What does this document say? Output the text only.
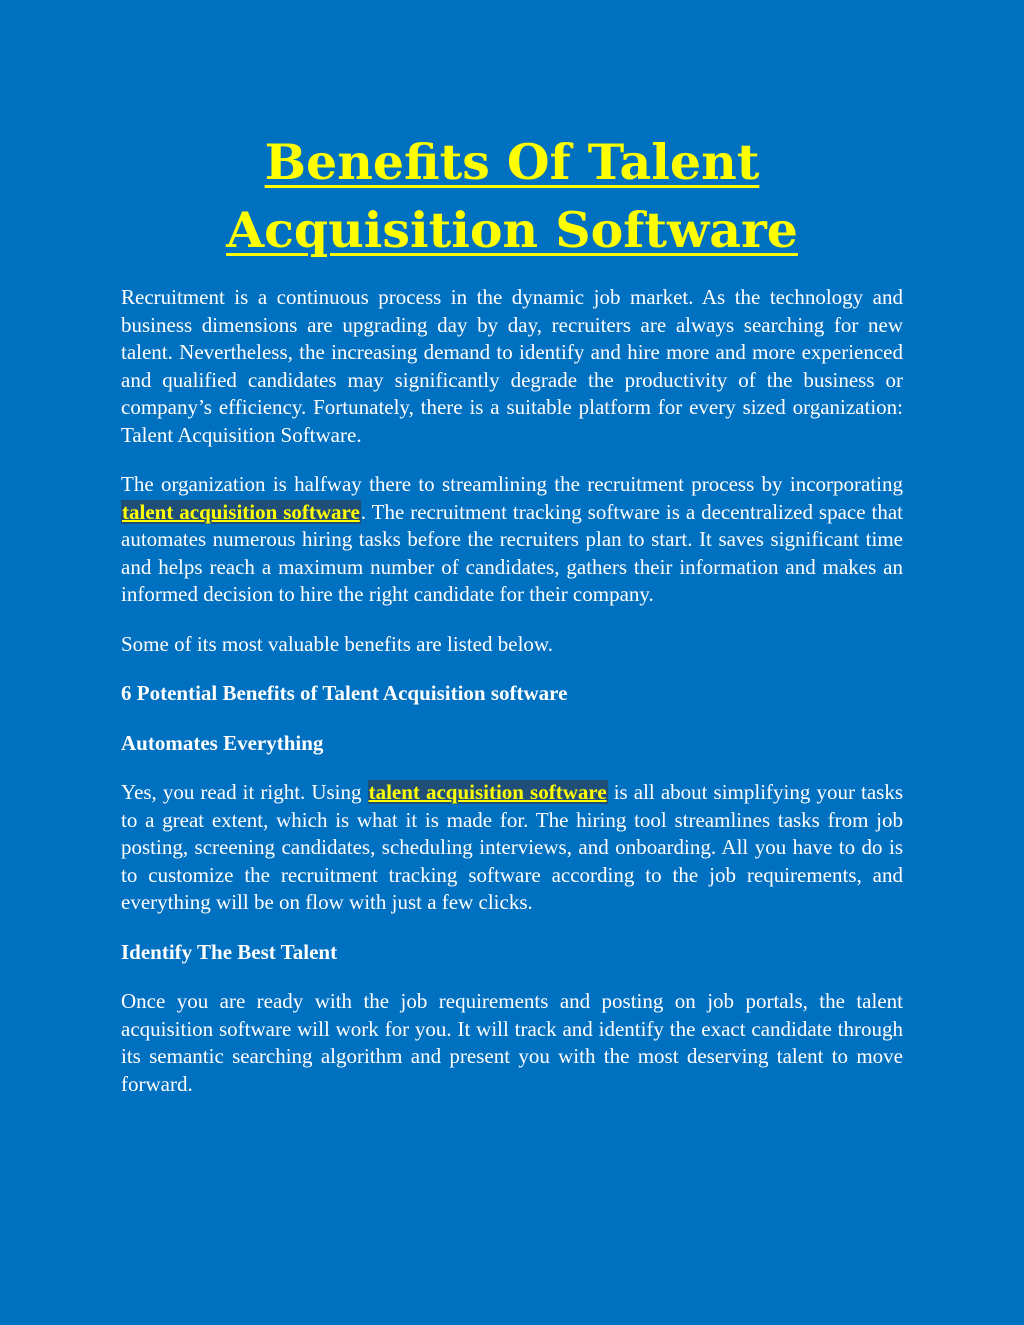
Benefits Of Talent
Acquisition Software

Recruitment is a continuous process in the dynamic job market. As the technology and business dimensions are upgrading day by day, recruiters are always searching for new talent. Nevertheless, the increasing demand to identify and hire more and more experienced and qualified candidates may significantly degrade the productivity of the business or company’s efficiency. Fortunately, there is a suitable platform for every sized organization: Talent Acquisition Software.

The organization is halfway there to streamlining the recruitment process by incorporating talent acquisition software. The recruitment tracking software is a decentralized space that automates numerous hiring tasks before the recruiters plan to start. It saves significant time and helps reach a maximum number of candidates, gathers their information and makes an informed decision to hire the right candidate for their company.

Some of its most valuable benefits are listed below.

6 Potential Benefits of Talent Acquisition software

Automates Everything

Yes, you read it right. Using talent acquisition software is all about simplifying your tasks to a great extent, which is what it is made for. The hiring tool streamlines tasks from job posting, screening candidates, scheduling interviews, and onboarding. All you have to do is to customize the recruitment tracking software according to the job requirements, and everything will be on flow with just a few clicks.

Identify The Best Talent

Once you are ready with the job requirements and posting on job portals, the talent acquisition software will work for you. It will track and identify the exact candidate through its semantic searching algorithm and present you with the most deserving talent to move forward.
